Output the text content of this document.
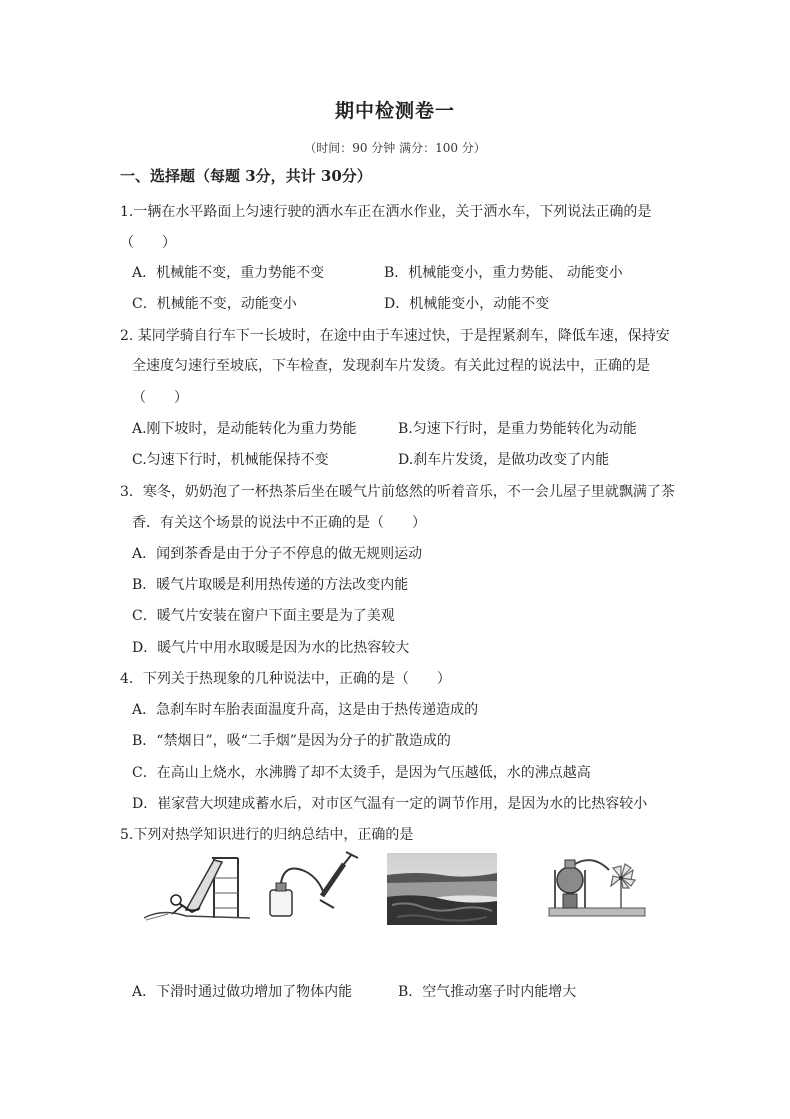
期中检测卷一
（时间：90 分钟 满分：100 分）
一、选择题（每题 3分，共计 30分）
1.一辆在水平路面上匀速行驶的洒水车正在洒水作业，关于洒水车，下列说法正确的是
（　　）
A．机械能不变，重力势能不变	B．机械能变小，重力势能、 动能变小
C．机械能不变，动能变小	D．机械能变小，动能不变
2. 某同学骑自行车下一长坡时，在途中由于车速过快，于是捏紧刹车，降低车速，保持安
全速度匀速行至坡底，下车检查，发现刹车片发烫。有关此过程的说法中，正确的是
（　　）
A.刚下坡时，是动能转化为重力势能	B.匀速下行时，是重力势能转化为动能
C.匀速下行时，机械能保持不变	D.刹车片发烫，是做功改变了内能
3．寒冬，奶奶泡了一杯热茶后坐在暖气片前悠然的听着音乐，不一会儿屋子里就飘满了茶
香．有关这个场景的说法中不正确的是（　　）
A．闻到茶香是由于分子不停息的做无规则运动
B．暖气片取暖是利用热传递的方法改变内能
C．暖气片安装在窗户下面主要是为了美观
D．暖气片中用水取暖是因为水的比热容较大
4．下列关于热现象的几种说法中，正确的是（　　）
A．急刹车时车胎表面温度升高，这是由于热传递造成的
B．“禁烟日”，吸“二手烟”是因为分子的扩散造成的
C．在高山上烧水，水沸腾了却不太烫手，是因为气压越低，水的沸点越高
D．崔家营大坝建成蓄水后，对市区气温有一定的调节作用，是因为水的比热容较小
5.下列对热学知识进行的归纳总结中，正确的是
A．下滑时通过做功增加了物体内能	B．空气推动塞子时内能增大
